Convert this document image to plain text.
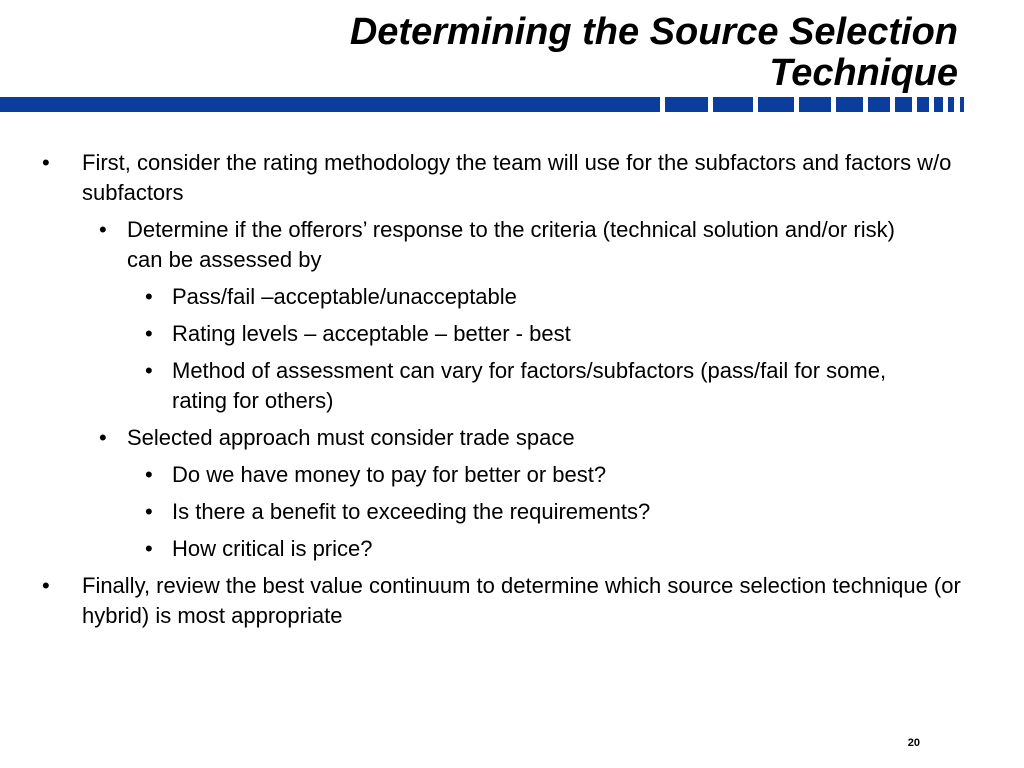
Determining the Source Selection
Technique
• First, consider the rating methodology the team will use for the subfactors and factors w/o subfactors
• Determine if the offerors’ response to the criteria (technical solution and/or risk) can be assessed by
• Pass/fail –acceptable/unacceptable
• Rating levels – acceptable – better - best
• Method of assessment can vary for factors/subfactors (pass/fail for some, rating for others)
• Selected approach must consider trade space
• Do we have money to pay for better or best?
• Is there a benefit to exceeding the requirements?
• How critical is price?
• Finally, review the best value continuum to determine which source selection technique (or hybrid) is most appropriate
20
